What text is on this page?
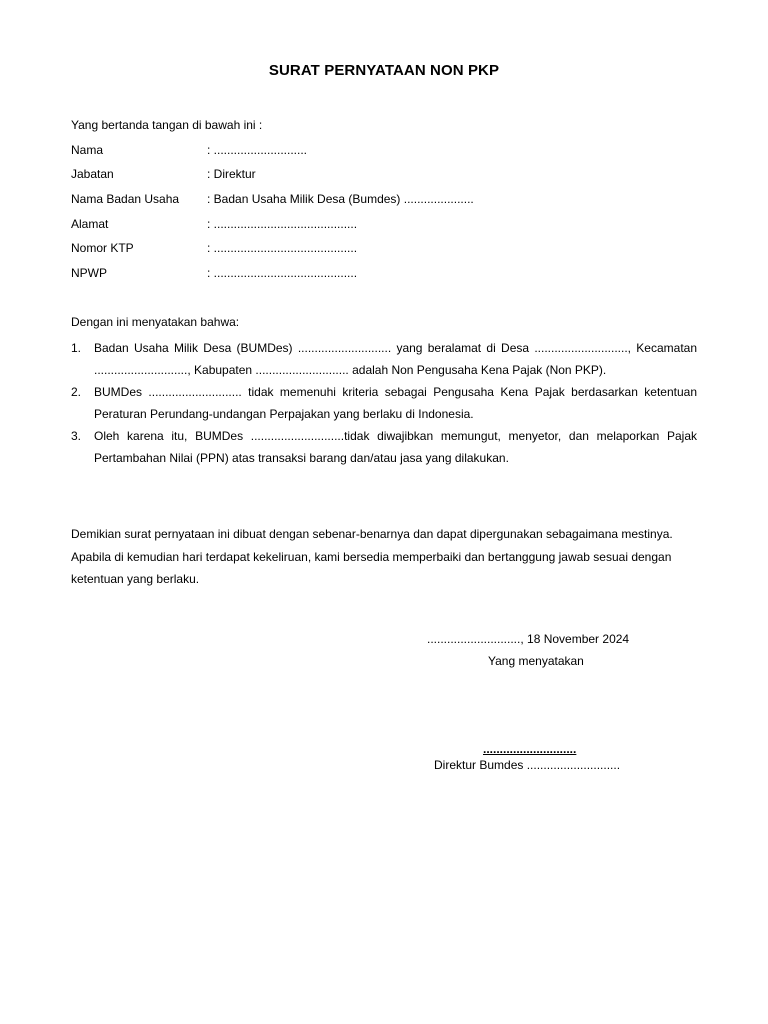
SURAT PERNYATAAN NON PKP
Yang bertanda tangan di bawah ini :
Nama	: ............................
Jabatan	: Direktur
Nama Badan Usaha : Badan Usaha Milik Desa (Bumdes) .....................
Alamat	: ...........................................
Nomor KTP	: ...........................................
NPWP	: ...........................................
Dengan ini menyatakan bahwa:
1. Badan Usaha Milik Desa (BUMDes) ............................ yang beralamat di Desa ............................, Kecamatan ............................, Kabupaten ............................ adalah Non Pengusaha Kena Pajak (Non PKP).
2. BUMDes ............................ tidak memenuhi kriteria sebagai Pengusaha Kena Pajak berdasarkan ketentuan Peraturan Perundang-undangan Perpajakan yang berlaku di Indonesia.
3. Oleh karena itu, BUMDes ............................tidak diwajibkan memungut, menyetor, dan melaporkan Pajak Pertambahan Nilai (PPN) atas transaksi barang dan/atau jasa yang dilakukan.
Demikian surat pernyataan ini dibuat dengan sebenar-benarnya dan dapat dipergunakan sebagaimana mestinya. Apabila di kemudian hari terdapat kekeliruan, kami bersedia memperbaiki dan bertanggung jawab sesuai dengan ketentuan yang berlaku.
............................, 18 November 2024
Yang menyatakan
............................
Direktur Bumdes ............................
